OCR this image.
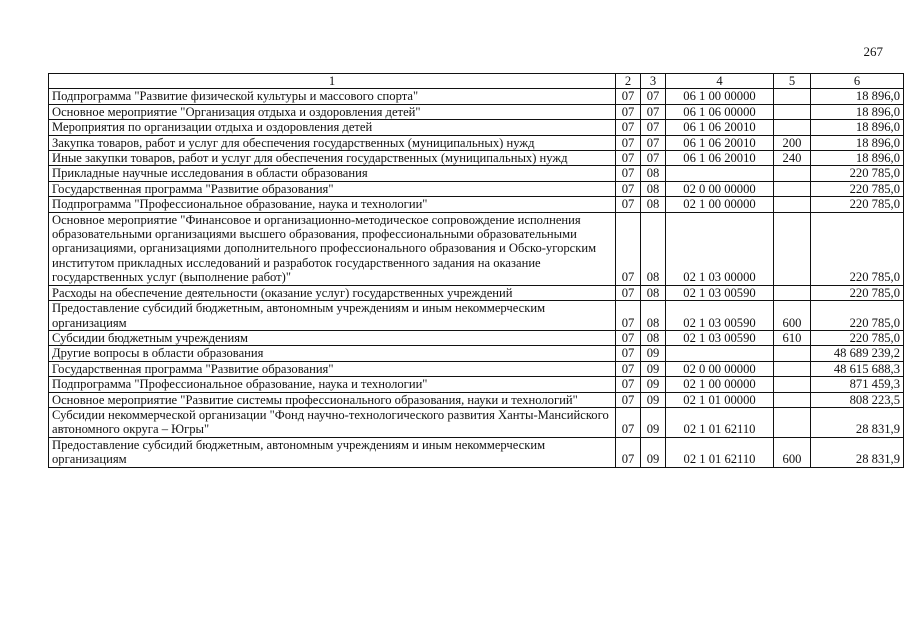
267
1	2	3	4	5	6
Подпрограмма "Развитие физической культуры и массового спорта"	07	07	06 1 00 00000		18 896,0
Основное мероприятие "Организация отдыха и оздоровления детей"	07	07	06 1 06 00000		18 896,0
Мероприятия по организации отдыха и оздоровления детей	07	07	06 1 06 20010		18 896,0
Закупка товаров, работ и услуг для обеспечения государственных (муниципальных) нужд	07	07	06 1 06 20010	200	18 896,0
Иные закупки товаров, работ и услуг для обеспечения государственных (муниципальных) нужд	07	07	06 1 06 20010	240	18 896,0
Прикладные научные исследования в области образования	07	08			220 785,0
Государственная программа "Развитие образования"	07	08	02 0 00 00000		220 785,0
Подпрограмма "Профессиональное образование, наука и технологии"	07	08	02 1 00 00000		220 785,0
Основное мероприятие "Финансовое и организационно-методическое сопровождение исполнения образовательными организациями высшего образования, профессиональными образовательными организациями, организациями дополнительного профессионального образования и Обско-угорским институтом прикладных исследований и разработок государственного задания на оказание государственных услуг (выполнение работ)"	07	08	02 1 03 00000		220 785,0
Расходы на обеспечение деятельности (оказание услуг) государственных учреждений	07	08	02 1 03 00590		220 785,0
Предоставление субсидий бюджетным, автономным учреждениям и иным некоммерческим организациям	07	08	02 1 03 00590	600	220 785,0
Субсидии бюджетным учреждениям	07	08	02 1 03 00590	610	220 785,0
Другие вопросы в области образования	07	09			48 689 239,2
Государственная программа "Развитие образования"	07	09	02 0 00 00000		48 615 688,3
Подпрограмма "Профессиональное образование, наука и технологии"	07	09	02 1 00 00000		871 459,3
Основное мероприятие "Развитие системы профессионального образования, науки и технологий"	07	09	02 1 01 00000		808 223,5
Субсидии некоммерческой организации "Фонд научно-технологического развития Ханты-Мансийского автономного округа – Югры"	07	09	02 1 01 62110		28 831,9
Предоставление субсидий бюджетным, автономным учреждениям и иным некоммерческим организациям	07	09	02 1 01 62110	600	28 831,9
